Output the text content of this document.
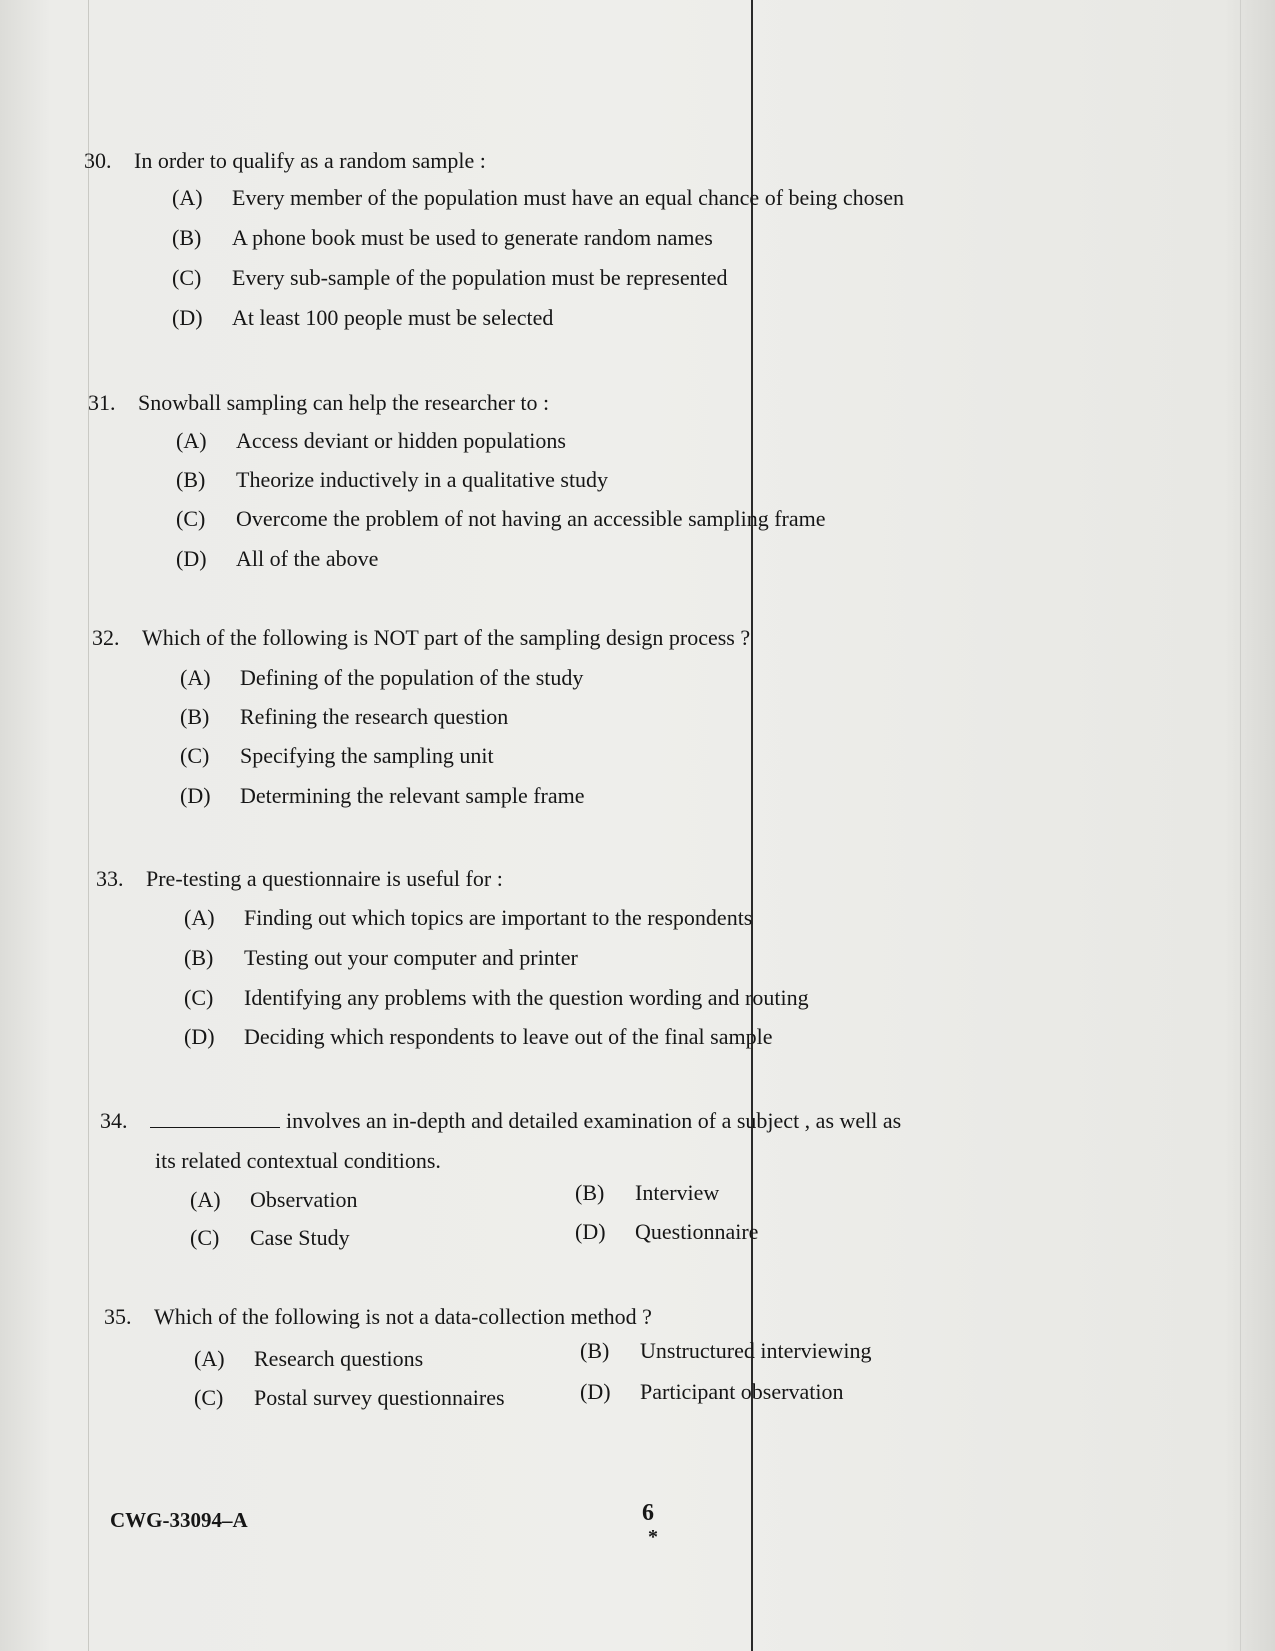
30. In order to qualify as a random sample :
(A) Every member of the population must have an equal chance of being chosen
(B) A phone book must be used to generate random names
(C) Every sub-sample of the population must be represented
(D) At least 100 people must be selected
31. Snowball sampling can help the researcher to :
(A) Access deviant or hidden populations
(B) Theorize inductively in a qualitative study
(C) Overcome the problem of not having an accessible sampling frame
(D) All of the above
32. Which of the following is NOT part of the sampling design process ?
(A) Defining of the population of the study
(B) Refining the research question
(C) Specifying the sampling unit
(D) Determining the relevant sample frame
33. Pre-testing a questionnaire is useful for :
(A) Finding out which topics are important to the respondents
(B) Testing out your computer and printer
(C) Identifying any problems with the question wording and routing
(D) Deciding which respondents to leave out of the final sample
34.	involves an in-depth and detailed examination of a subject , as well as
its related contextual conditions.
(A) Observation	(B) Interview
(C) Case Study	(D) Questionnaire
35. Which of the following is not a data-collection method ?
(A) Research questions	(B) Unstructured interviewing
(C) Postal survey questionnaires	(D) Participant observation
CWG-33094–A	6
*
